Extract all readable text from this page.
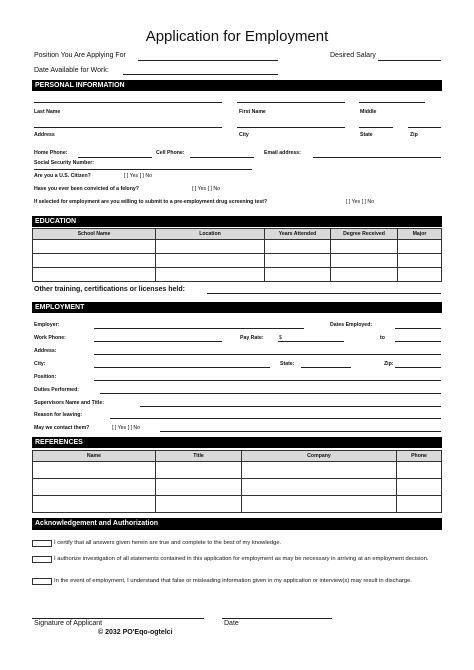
Application for Employment
Position You Are Applying For	Desired Salary
Date Available for Work:
PERSONAL INFORMATION
Last Name	First Name	Middle
Address	City	State	Zip
Home Phone:	Cell Phone:	Email address:
Social Security Number:
Are you a U.S. Citizen?	[ ] Yes [ ] No
Have you ever been convicted of a felony?	[ ] Yes [ ] No
If selected for employment are you willing to submit to a pre-employment drug screening test?	[ ] Yes [ ] No
EDUCATION
School Name	Location	Years Attended	Degree Received	Major

Other training, certifications or licenses held:
EMPLOYMENT
Employer:	Dates Employed:
Work Phone:	Pay Rate:	$	to
Address:
City:	State:	Zip:
Position:
Duties Performed:
Supervisors Name and Title:
Reason for leaving:
May we contact them?	[ ] Yes [ ] No
REFERENCES
Name	Title	Company	Phone

Acknowledgement and Authorization
I certify that all answers given herein are true and complete to the best of my knowledge.
I authorize investigation of all statements contained in this application for employment as may be necessary in arriving at an employment decision.
In the event of employment, I understand that false or misleading information given in my application or interview(s) may result in discharge.
Signature of Applicant	Date
© 2032 PO'Eqo-ogtelci
